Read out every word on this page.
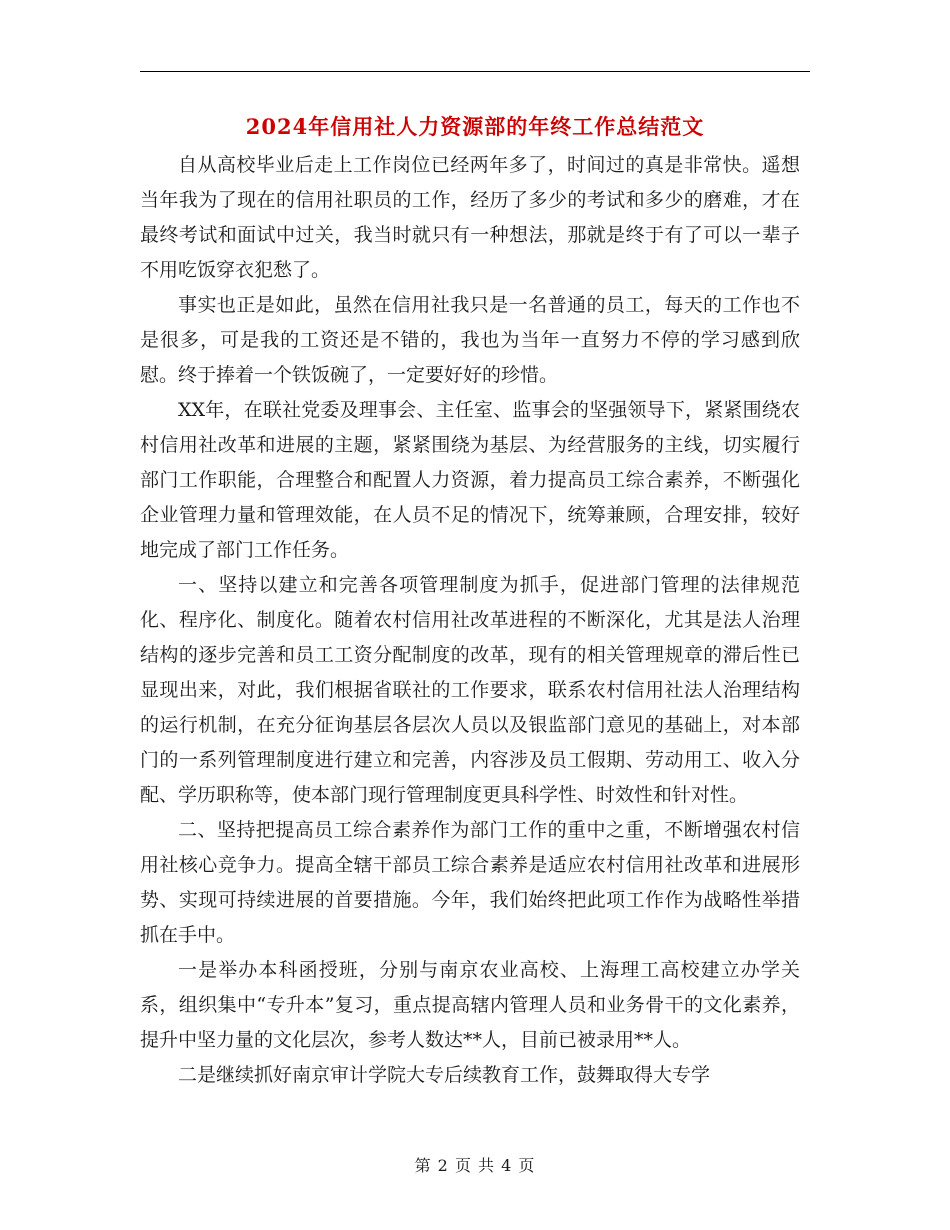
2024年信用社人力资源部的年终工作总结范文

自从高校毕业后走上工作岗位已经两年多了，时间过的真是非常快。遥想当年我为了现在的信用社职员的工作，经历了多少的考试和多少的磨难，才在最终考试和面试中过关，我当时就只有一种想法，那就是终于有了可以一辈子不用吃饭穿衣犯愁了。

事实也正是如此，虽然在信用社我只是一名普通的员工，每天的工作也不是很多，可是我的工资还是不错的，我也为当年一直努力不停的学习感到欣慰。终于捧着一个铁饭碗了，一定要好好的珍惜。

XX年，在联社党委及理事会、主任室、监事会的坚强领导下，紧紧围绕农村信用社改革和进展的主题，紧紧围绕为基层、为经营服务的主线，切实履行部门工作职能，合理整合和配置人力资源，着力提高员工综合素养，不断强化企业管理力量和管理效能，在人员不足的情况下，统筹兼顾，合理安排，较好地完成了部门工作任务。

一、坚持以建立和完善各项管理制度为抓手，促进部门管理的法律规范化、程序化、制度化。随着农村信用社改革进程的不断深化，尤其是法人治理结构的逐步完善和员工工资分配制度的改革，现有的相关管理规章的滞后性已显现出来，对此，我们根据省联社的工作要求，联系农村信用社法人治理结构的运行机制，在充分征询基层各层次人员以及银监部门意见的基础上，对本部门的一系列管理制度进行建立和完善，内容涉及员工假期、劳动用工、收入分配、学历职称等，使本部门现行管理制度更具科学性、时效性和针对性。

二、坚持把提高员工综合素养作为部门工作的重中之重，不断增强农村信用社核心竞争力。提高全辖干部员工综合素养是适应农村信用社改革和进展形势、实现可持续进展的首要措施。今年，我们始终把此项工作作为战略性举措抓在手中。

一是举办本科函授班，分别与南京农业高校、上海理工高校建立办学关系，组织集中“专升本”复习，重点提高辖内管理人员和业务骨干的文化素养，提升中坚力量的文化层次，参考人数达**人，目前已被录用**人。

二是继续抓好南京审计学院大专后续教育工作，鼓舞取得大专学

第 2 页 共 4 页
